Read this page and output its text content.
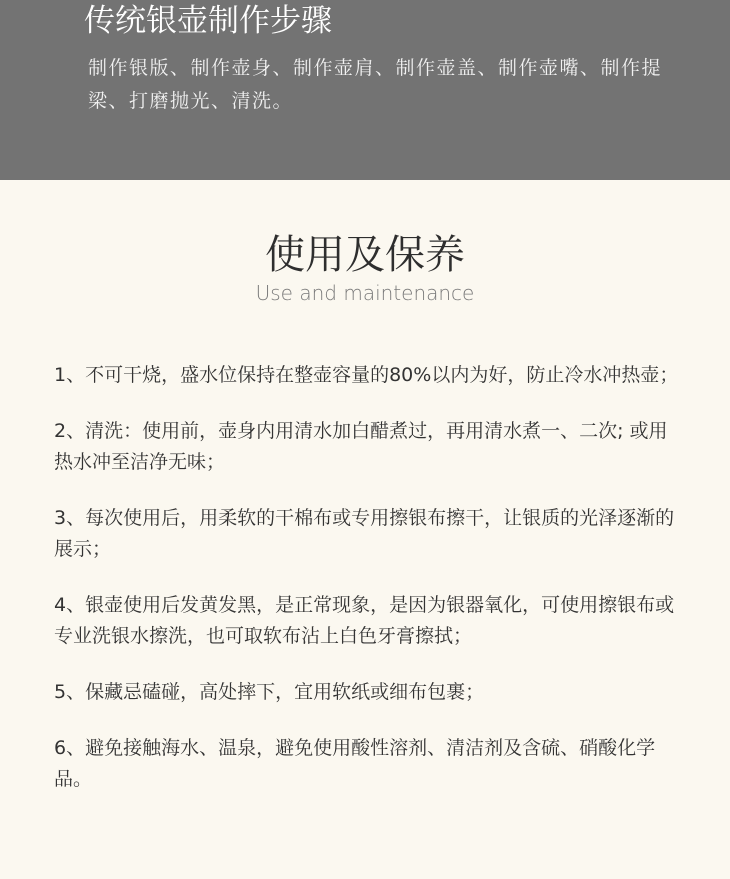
传统银壶制作步骤
制作银版、制作壶身、制作壶肩、制作壶盖、制作壶嘴、制作提梁、打磨抛光、清洗。
使用及保养
Use and maintenance
1、不可干烧，盛水位保持在整壶容量的80%以内为好，防止冷水冲热壶；
2、清洗：使用前，壶身内用清水加白醋煮过，再用清水煮一、二次; 或用热水冲至洁净无味；
3、每次使用后，用柔软的干棉布或专用擦银布擦干，让银质的光泽逐渐的展示；
4、银壶使用后发黄发黑，是正常现象，是因为银器氧化，可使用擦银布或专业洗银水擦洗，也可取软布沾上白色牙膏擦拭；
5、保藏忌磕碰，高处摔下，宜用软纸或细布包裹；
6、避免接触海水、温泉，避免使用酸性溶剂、清洁剂及含硫、硝酸化学品。
